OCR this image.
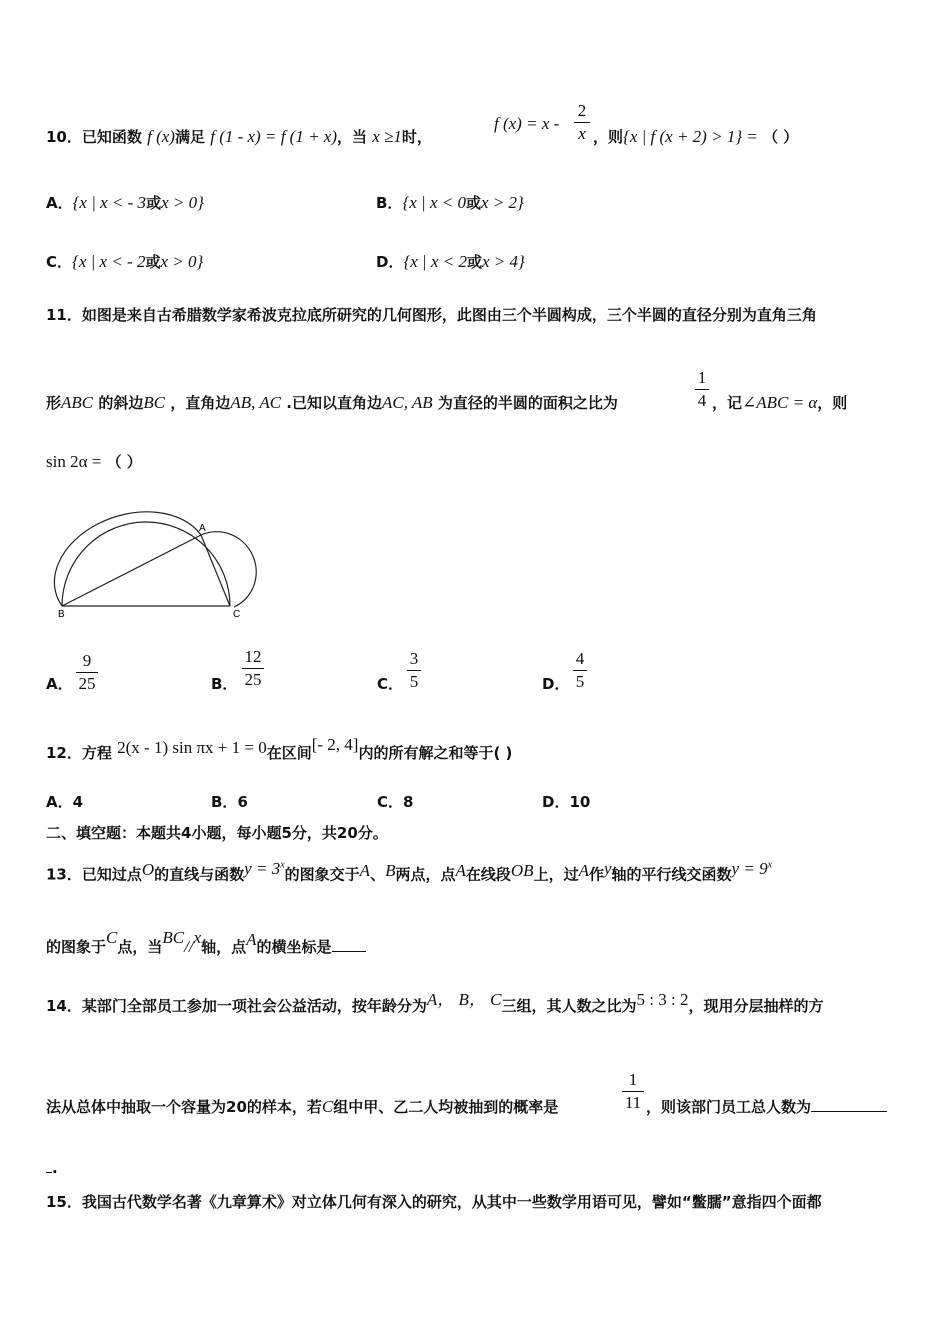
10．已知函数 f (x)满足 f (1 - x) = f (1 + x)，当 x ≥1时，
f (x) = x -
2
x ，则{x | f (x + 2) > 1} = （ ）
A．{x | x < - 3或x > 0}	B．{x | x < 0或x > 2}
C．{x | x < - 2或x > 0}	D．{x | x < 2或x > 4}
11．如图是来自古希腊数学家希波克拉底所研究的几何图形，此图由三个半圆构成，三个半圆的直径分别为直角三角
形ABC 的斜边BC ，直角边AB, AC .已知以直角边AC, AB 为直径的半圆的面积之比为
1
4 ，记∠ABC = α，则
sin 2α = （ ）
A
B	C
A．
9
25	B．
12
25	C．
3
5	D．
4
5
12．方程 2(x - 1) sin πx + 1 = 0在区间[- 2, 4]内的所有解之和等于( )
A．4	B．6	C．8	D．10
二、填空题：本题共4小题，每小题5分，共20分。
13．已知过点O的直线与函数$y = 3^x$的图象交于A、B两点，点A在线段OB上，过A作y轴的平行线交函数$y = 9^x$
的图象于C点，当BC//x轴，点A的横坐标是
14．某部门全部员工参加一项社会公益活动，按年龄分为A， B， C三组，其人数之比为5 : 3 : 2，现用分层抽样的方
法从总体中抽取一个容量为20的样本，若C组中甲、乙二人均被抽到的概率是
1
11 ，则该部门员工总人数为
.
15．我国古代数学名著《九章算术》对立体几何有深入的研究，从其中一些数学用语可见，譬如“鳖臑”意指四个面都
